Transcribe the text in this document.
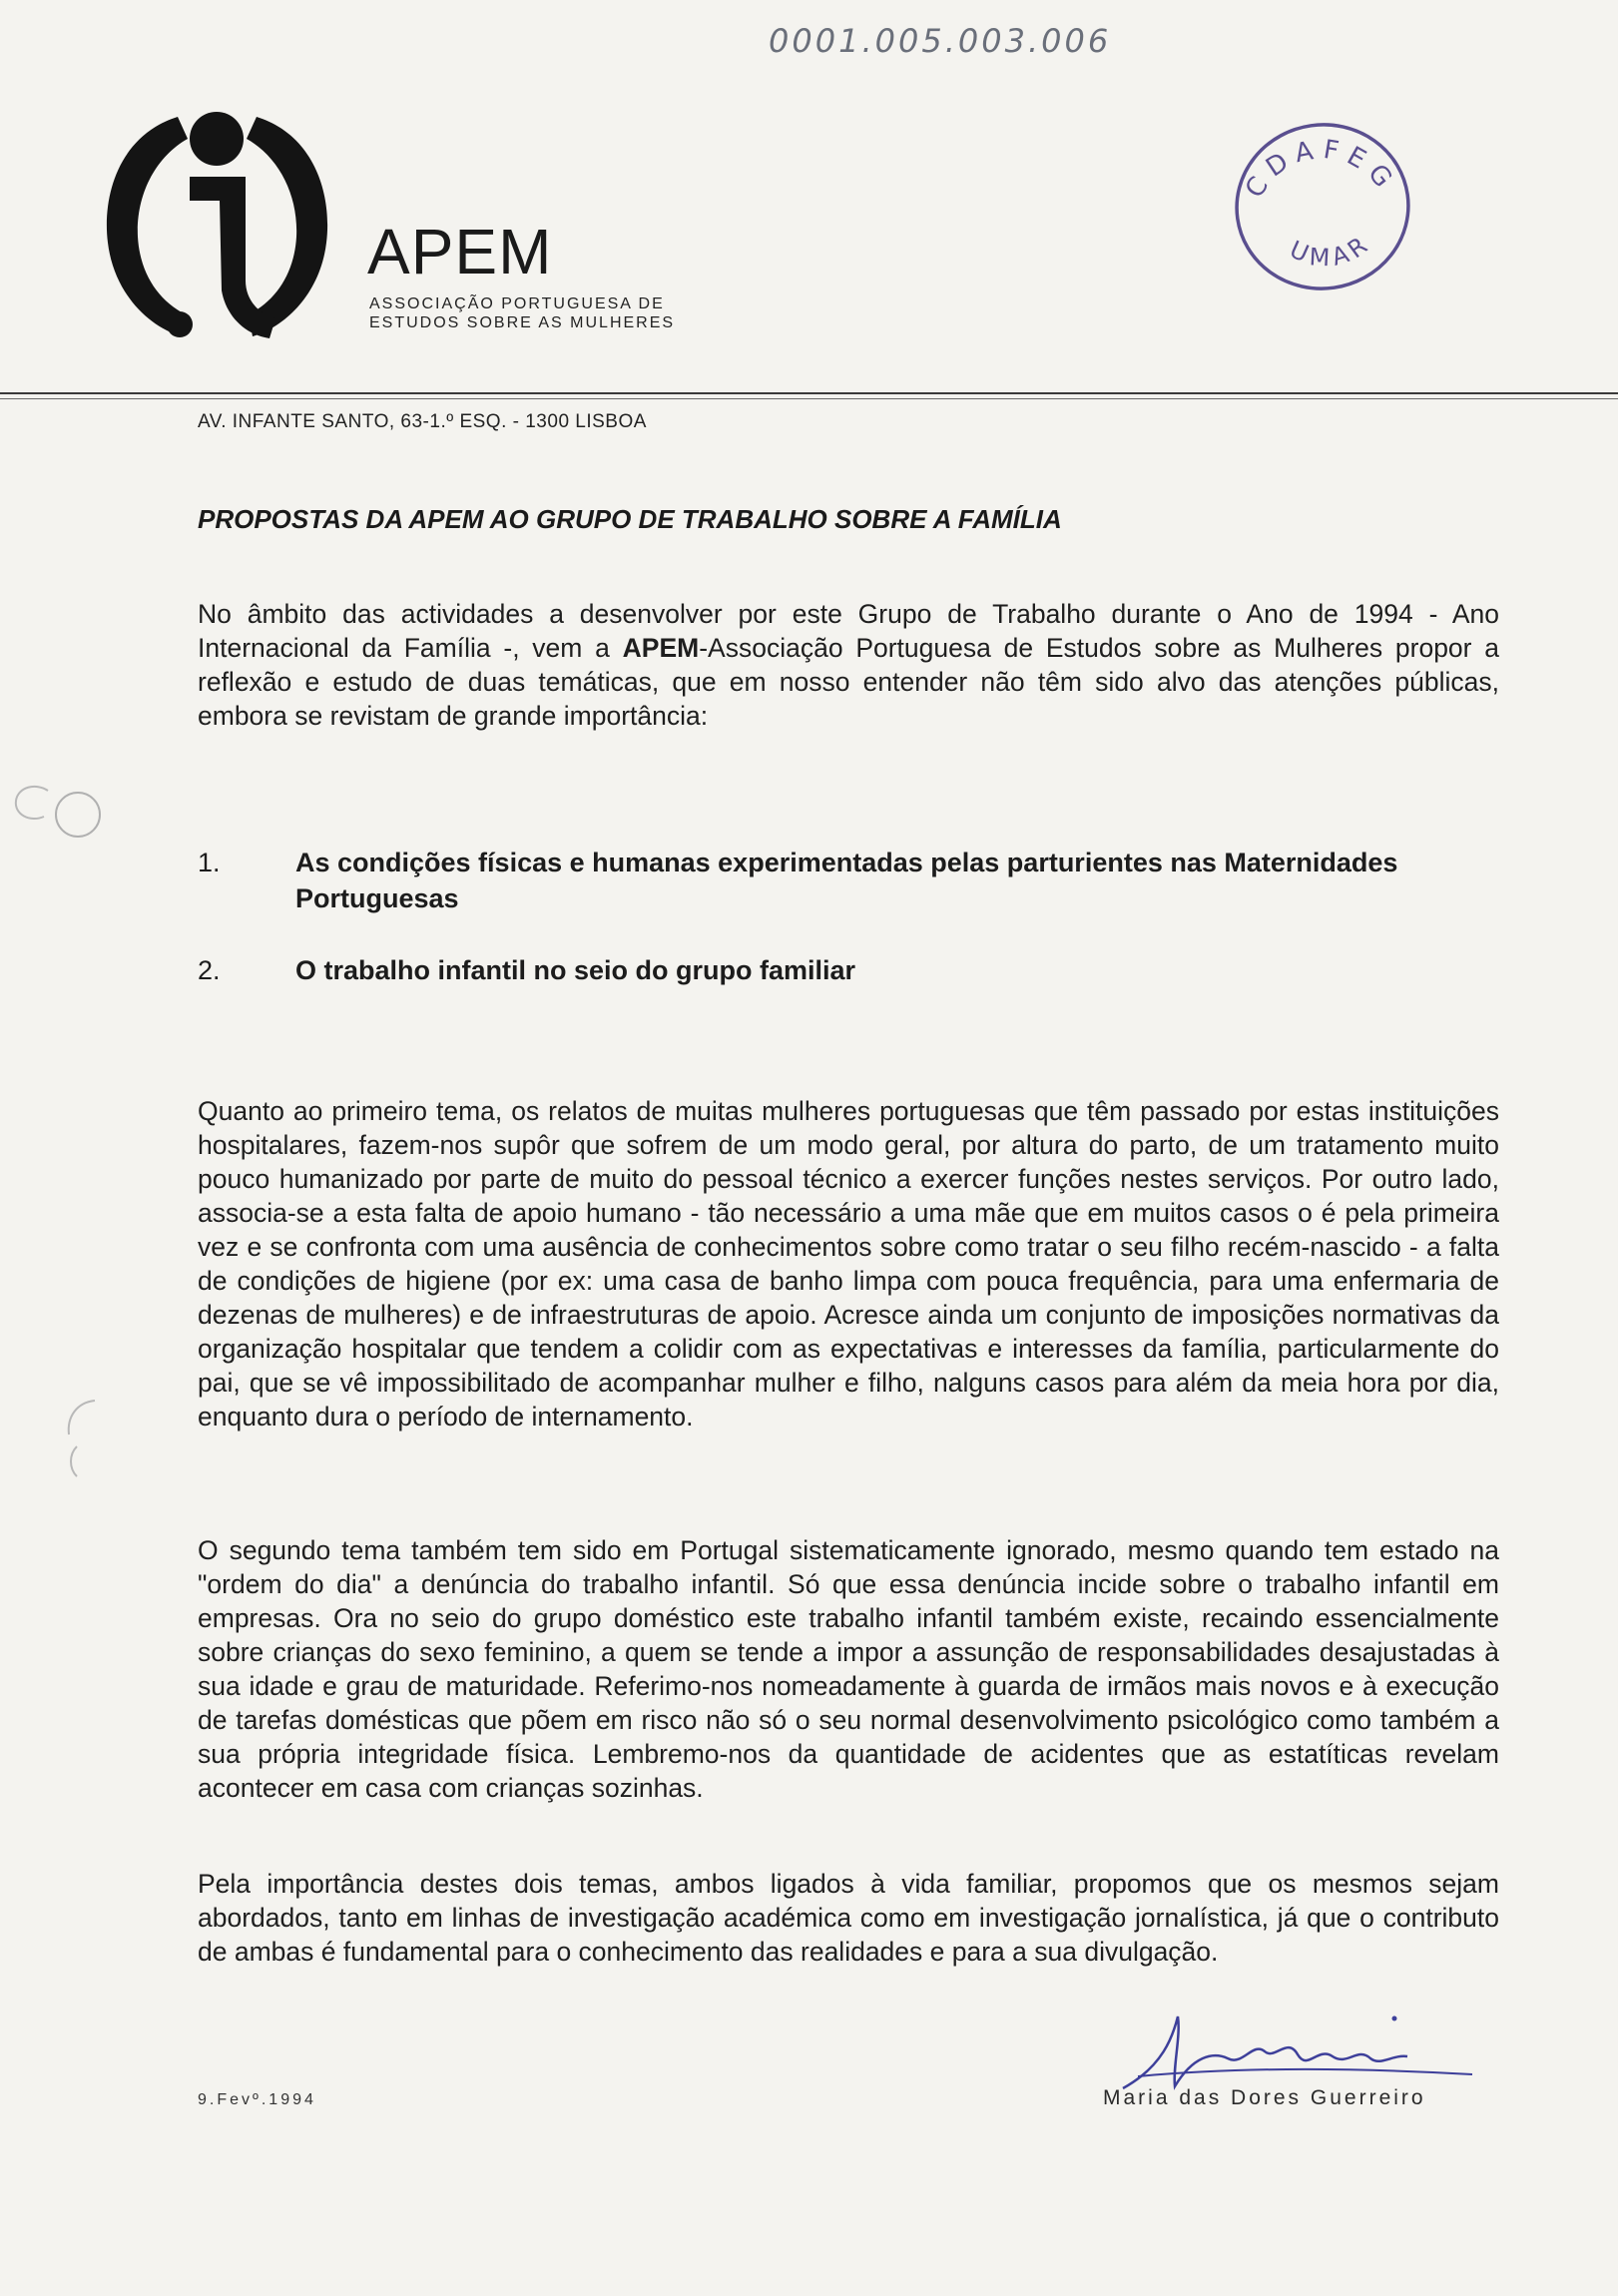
0001.005.003.006
APEM
ASSOCIAÇÃO PORTUGUESA DE
ESTUDOS SOBRE AS MULHERES
CDAFEG
UMAR
AV. INFANTE SANTO, 63-1.º ESQ. - 1300 LISBOA
PROPOSTAS DA APEM AO GRUPO DE TRABALHO SOBRE A FAMÍLIA

No âmbito das actividades a desenvolver por este Grupo de Trabalho durante o Ano de 1994 - Ano Internacional da Família -, vem a APEM-Associação Portuguesa de Estudos sobre as Mulheres propor a reflexão e estudo de duas temáticas, que em nosso entender não têm sido alvo das atenções públicas, embora se revistam de grande importância:

1.	As condições físicas e humanas experimentadas pelas parturientes nas Maternidades Portuguesas
2.	O trabalho infantil no seio do grupo familiar

Quanto ao primeiro tema, os relatos de muitas mulheres portuguesas que têm passado por estas instituições hospitalares, fazem-nos supôr que sofrem de um modo geral, por altura do parto, de um tratamento muito pouco humanizado por parte de muito do pessoal técnico a exercer funções nestes serviços. Por outro lado, associa-se a esta falta de apoio humano - tão necessário a uma mãe que em muitos casos o é pela primeira vez e se confronta com uma ausência de conhecimentos sobre como tratar o seu filho recém-nascido - a falta de condições de higiene (por ex: uma casa de banho limpa com pouca frequência, para uma enfermaria de dezenas de mulheres) e de infraestruturas de apoio. Acresce ainda um conjunto de imposições normativas da organização hospitalar que tendem a colidir com as expectativas e interesses da família, particularmente do pai, que se vê impossibilitado de acompanhar mulher e filho, nalguns casos para além da meia hora por dia, enquanto dura o período de internamento.

O segundo tema também tem sido em Portugal sistematicamente ignorado, mesmo quando tem estado na "ordem do dia" a denúncia do trabalho infantil. Só que essa denúncia incide sobre o trabalho infantil em empresas. Ora no seio do grupo doméstico este trabalho infantil também existe, recaindo essencialmente sobre crianças do sexo feminino, a quem se tende a impor a assunção de responsabilidades desajustadas à sua idade e grau de maturidade. Referimo-nos nomeadamente à guarda de irmãos mais novos e à execução de tarefas domésticas que põem em risco não só o seu normal desenvolvimento psicológico como também a sua própria integridade física. Lembremo-nos da quantidade de acidentes que as estatíticas revelam acontecer em casa com crianças sozinhas.

Pela importância destes dois temas, ambos ligados à vida familiar, propomos que os mesmos sejam abordados, tanto em linhas de investigação académica como em investigação jornalística, já que o contributo de ambas é fundamental para o conhecimento das realidades e para a sua divulgação.

9.Fevº.1994	Maria das Dores Guerreiro
